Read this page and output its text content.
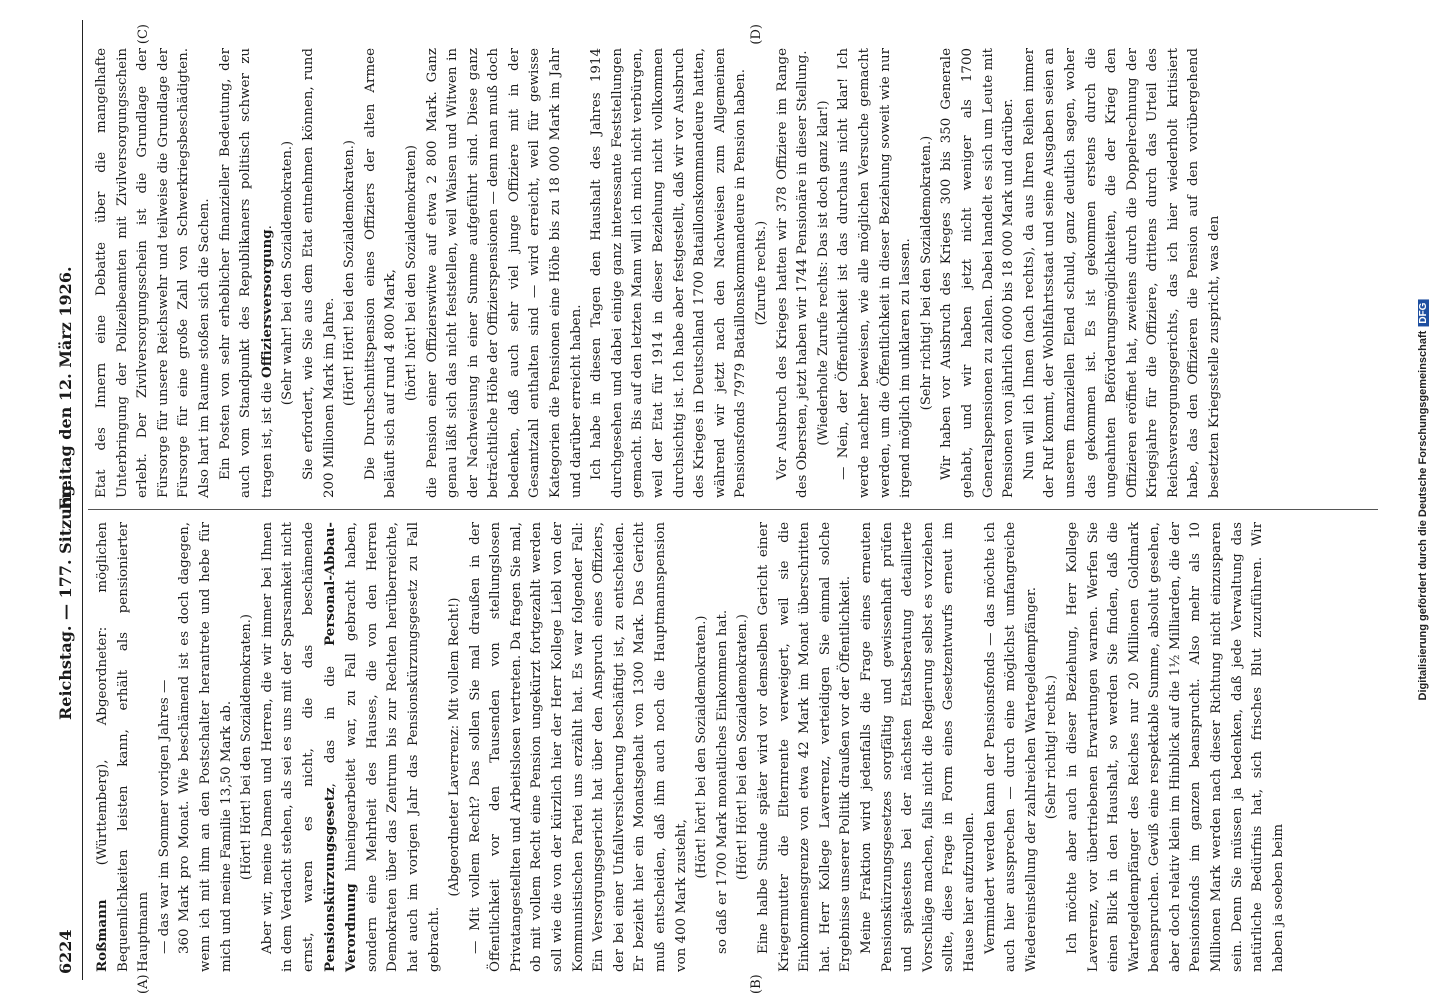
6224
Reichstag. — 177. Sitzung.
Freitag den 12. März 1926.
(A)	(B)

Roßmann (Württemberg), Abgeordneter: möglichen Bequemlichkeiten leisten kann, erhält als pensionierter Hauptmann — das war im Sommer vorigen Jahres — 360 Mark pro Monat. Wie beschämend ist es doch dagegen, wenn ich mit ihm an den Postschalter herantrete und hebe für mich und meine Familie 13,50 Mark ab. (Hört! Hört! bei den Sozialdemokraten.) Aber wir, meine Damen und Herren, die wir immer bei Ihnen in dem Verdacht stehen, als sei es uns mit der Sparsamkeit nicht ernst, waren es nicht, die das beschämende Pensionskürzungsgesetz, das in die Personal-Abbau-Verordnung hineingearbeitet war, zu Fall gebracht haben, sondern eine Mehrheit des Hauses, die von den Herren Demokraten über das Zentrum bis zur Rechten herüberreichte, hat auch im vorigen Jahr das Pensionskürzungsgesetz zu Fall gebracht.

(Abgeordneter Laverrenz: Mit vollem Recht!) — Mit vollem Recht? Das sollen Sie mal draußen in der Öffentlichkeit vor den Tausenden von stellungslosen Privatangestellten und Arbeitslosen vertreten. Da fragen Sie mal, ob mit vollem Recht eine Pension ungekürzt fortgezahlt werden soll wie die von der kürzlich hier der Herr Kollege Liebl von der Kommunistischen Partei uns erzählt hat. Es war folgender Fall: Ein Versorgungsgericht hat über den Anspruch eines Offiziers, der bei einer Unfallversicherung beschäftigt ist, zu entscheiden. Er bezieht hier ein Monatsgehalt von 1300 Mark. Das Gericht muß entscheiden, daß ihm auch noch die Hauptmannspension von 400 Mark zusteht,

(Hört! hört! bei den Sozialdemokraten.) so daß er 1700 Mark monatliches Einkommen hat. (Hört! Hört! bei den Sozialdemokraten.) Eine halbe Stunde später wird vor demselben Gericht einer Kriegermutter die Elternrente verweigert, weil sie die Einkommensgrenze von etwa 42 Mark im Monat überschritten hat. Herr Kollege Laverrenz, verteidigen Sie einmal solche Ergebnisse unserer Politik draußen vor der Öffentlichkeit. Meine Fraktion wird jedenfalls die Frage eines erneuten Pensionskürzungsgesetzes sorgfältig und gewissenhaft prüfen und spätestens bei der nächsten Etatsberatung detaillierte Vorschläge machen, falls nicht die Regierung selbst es vorziehen sollte, diese Frage in Form eines Gesetzentwurfs erneut im Hause hier aufzurollen. Vermindert werden kann der Pensionsfonds — das möchte ich auch hier aussprechen — durch eine möglichst umfangreiche Wiedereinstellung der zahlreichen Wartegeldempfänger. (Sehr richtig! rechts.) Ich möchte aber auch in dieser Beziehung, Herr Kollege Laverrenz, vor übertriebenen Erwartungen warnen. Werfen Sie einen Blick in den Haushalt, so werden Sie finden, daß die Wartegeldempfänger des Reiches nur 20 Millionen Goldmark beanspruchen. Gewiß eine respektable Summe, absolut gesehen, aber doch relativ klein im Hinblick auf die 1½ Milliarden, die der Pensionsfonds im ganzen beansprucht. Also mehr als 10 Millionen Mark werden nach dieser Richtung nicht einzusparen sein. Denn Sie müssen ja bedenken, daß jede Verwaltung das natürliche Bedürfnis hat, sich frisches Blut zuzuführen. Wir haben ja soeben beim

(C)	(D)

Etat des Innern eine Debatte über die mangelhafte Unterbringung der Polizeibeamten mit Zivilversorgungsschein erlebt. Der Zivilversorgungsschein ist die Grundlage der Fürsorge für unsere Reichswehr und teilweise die Grundlage der Fürsorge für eine große Zahl von Schwerkriegsbeschädigten. Also hart im Raume stoßen sich die Sachen. Ein Posten von sehr erheblicher finanzieller Bedeutung, der auch vom Standpunkt des Republikaners politisch schwer zu tragen ist, ist die Offiziersversorgung. (Sehr wahr! bei den Sozialdemokraten.) Sie erfordert, wie Sie aus dem Etat entnehmen können, rund 200 Millionen Mark im Jahre. (Hört! Hört! bei den Sozialdemokraten.) Die Durchschnittspension eines Offiziers der alten Armee beläuft sich auf rund 4 800 Mark, (hört! hört! bei den Sozialdemokraten) die Pension einer Offizierswitwe auf etwa 2 800 Mark. Ganz genau läßt sich das nicht feststellen, weil Waisen und Witwen in der Nachweisung in einer Summe aufgeführt sind. Diese ganz beträchtliche Höhe der Offizierspensionen — denn man muß doch bedenken, daß auch sehr viel junge Offiziere mit in der Gesamtzahl enthalten sind — wird erreicht, weil für gewisse Kategorien die Pensionen eine Höhe bis zu 18 000 Mark im Jahr und darüber erreicht haben. Ich habe in diesen Tagen den Haushalt des Jahres 1914 durchgesehen und dabei einige ganz interessante Feststellungen gemacht. Bis auf den letzten Mann will ich mich nicht verbürgen, weil der Etat für 1914 in dieser Beziehung nicht vollkommen durchsichtig ist. Ich habe aber festgestellt, daß wir vor Ausbruch des Krieges in Deutschland 1700 Bataillonskommandeure hatten, während wir jetzt nach den Nachweisen zum Allgemeinen Pensionsfonds 7979 Bataillonskommandeure in Pension haben. (Zurufe rechts.) Vor Ausbruch des Krieges hatten wir 378 Offiziere im Range des Obersten, jetzt haben wir 1744 Pensionäre in dieser Stellung. (Wiederholte Zurufe rechts: Das ist doch ganz klar!) — Nein, der Öffentlichkeit ist das durchaus nicht klar! Ich werde nachher beweisen, wie alle möglichen Versuche gemacht werden, um die Öffentlichkeit in dieser Beziehung soweit wie nur irgend möglich im unklaren zu lassen. (Sehr richtig! bei den Sozialdemokraten.) Wir haben vor Ausbruch des Krieges 300 bis 350 Generale gehabt, und wir haben jetzt nicht weniger als 1700 Generalspensionen zu zahlen. Dabei handelt es sich um Leute mit Pensionen von jährlich 6000 bis 18 000 Mark und darüber. Nun will ich Ihnen (nach rechts), da aus Ihren Reihen immer der Ruf kommt, der Wohlfahrtsstaat und seine Ausgaben seien an unserem finanziellen Elend schuld, ganz deutlich sagen, woher das gekommen ist. Es ist gekommen erstens durch die ungeahnten Beförderungsmöglichkeiten, die der Krieg den Offizieren eröffnet hat, zweitens durch die Doppelrechnung der Kriegsjahre für die Offiziere, drittens durch das Urteil des Reichsversorgungsgerichts, das ich hier wiederholt kritisiert habe, das den Offizieren die Pension auf den vorübergehend besetzten Kriegsstelle zuspricht, was den	Digitalisierung gefördert durch die Deutsche ForschungsgemeinschaftDFG
